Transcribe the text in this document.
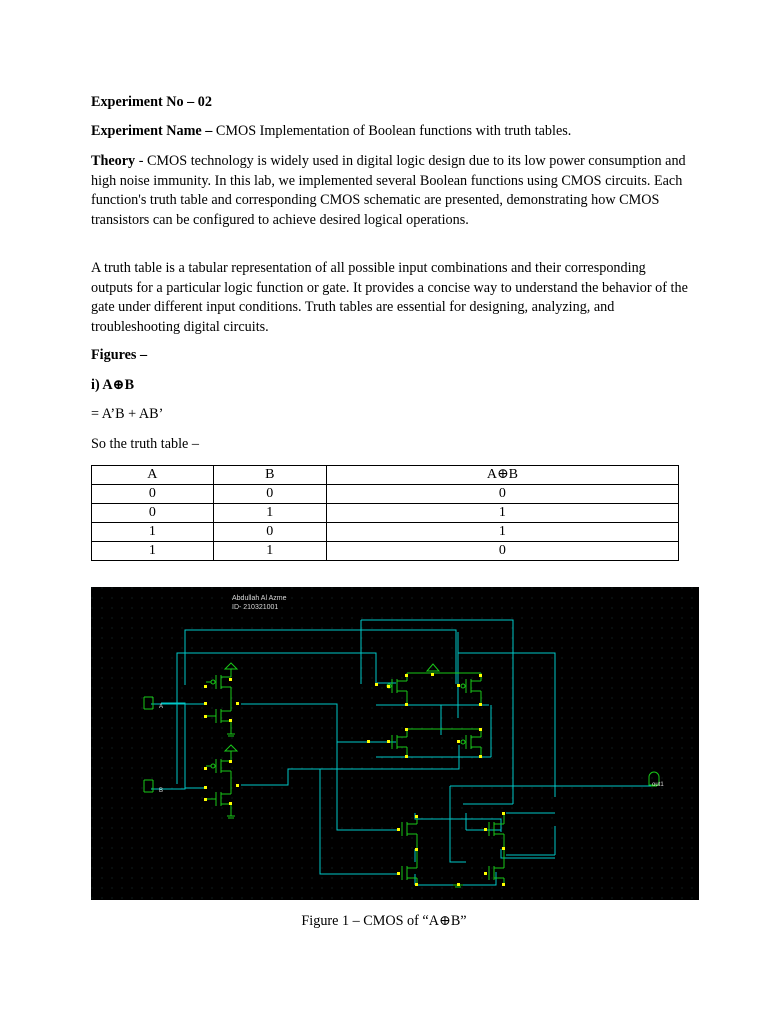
Experiment No – 02

Experiment Name – CMOS Implementation of Boolean functions with truth tables.

Theory - CMOS technology is widely used in digital logic design due to its low power consumption and high noise immunity. In this lab, we implemented several Boolean functions using CMOS circuits. Each function's truth table and corresponding CMOS schematic are presented, demonstrating how CMOS transistors can be configured to achieve desired logical operations.

A truth table is a tabular representation of all possible input combinations and their corresponding outputs for a particular logic function or gate. It provides a concise way to understand the behavior of the gate under different input conditions. Truth tables are essential for designing, analyzing, and troubleshooting digital circuits.

Figures –

i) A⊕B

= A’B + AB’

So the truth table –

A	B	A⊕B
0	0	0
0	1	1
1	0	1
1	1	0
Abdullah Al Azme
ID- 210321001
A
B
out1
Figure 1 – CMOS of “A⊕B”
